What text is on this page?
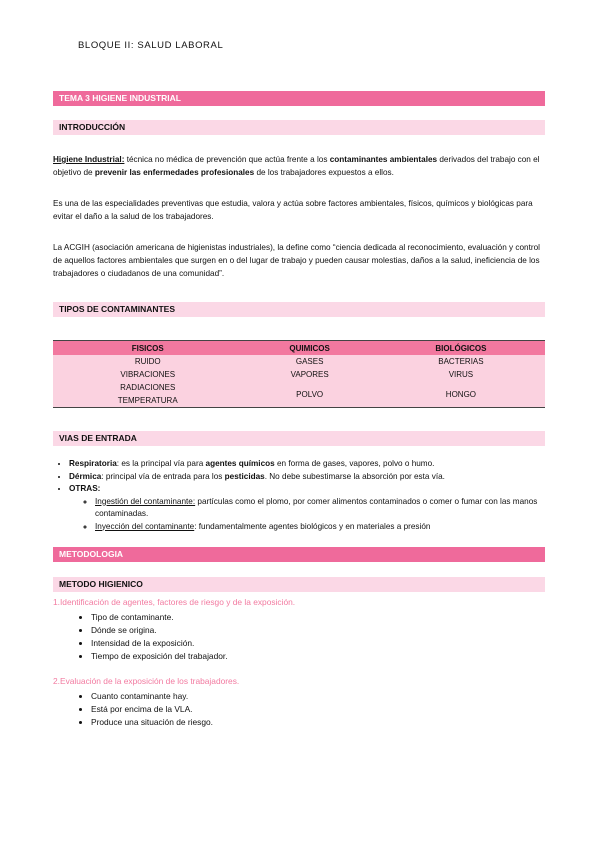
BLOQUE II: SALUD LABORAL
TEMA 3 HIGIENE INDUSTRIAL
INTRODUCCIÓN
Higiene Industrial: técnica no médica de prevención que actúa frente a los contaminantes ambientales derivados del trabajo con el objetivo de prevenir las enfermedades profesionales de los trabajadores expuestos a ellos.
Es una de las especialidades preventivas que estudia, valora y actúa sobre factores ambientales, físicos, químicos y biológicas para evitar el daño a la salud de los trabajadores.
La ACGIH (asociación americana de higienistas industriales), la define como “ciencia dedicada al reconocimiento, evaluación y control de aquellos factores ambientales que surgen en o del lugar de trabajo y pueden causar molestias, daños a la salud, ineficiencia de los trabajadores o ciudadanos de una comunidad”.
TIPOS DE CONTAMINANTES
FISICOS	QUIMICOS	BIOLÓGICOS
RUIDO	GASES	BACTERIAS
VIBRACIONES	VAPORES	VIRUS

RADIACIONES
TEMPERATURA	POLVO	HONGO
VIAS DE ENTRADA
• Respiratoria: es la principal vía para agentes químicos en forma de gases, vapores, polvo o humo.
• Dérmica: principal vía de entrada para los pesticidas. No debe subestimarse la absorción por esta vía.
• OTRAS:
◦ Ingestión del contaminante: partículas como el plomo, por comer alimentos contaminados o comer o fumar con las manos contaminadas.
◦ Inyección del contaminante: fundamentalmente agentes biológicos y en materiales a presión
METODOLOGIA
METODO HIGIENICO
1.Identificación de agentes, factores de riesgo y de la exposición.
• Tipo de contaminante.
• Dónde se origina.
• Intensidad de la exposición.
• Tiempo de exposición del trabajador.
2.Evaluación de la exposición de los trabajadores.
• Cuanto contaminante hay.
• Está por encima de la VLA.
• Produce una situación de riesgo.
